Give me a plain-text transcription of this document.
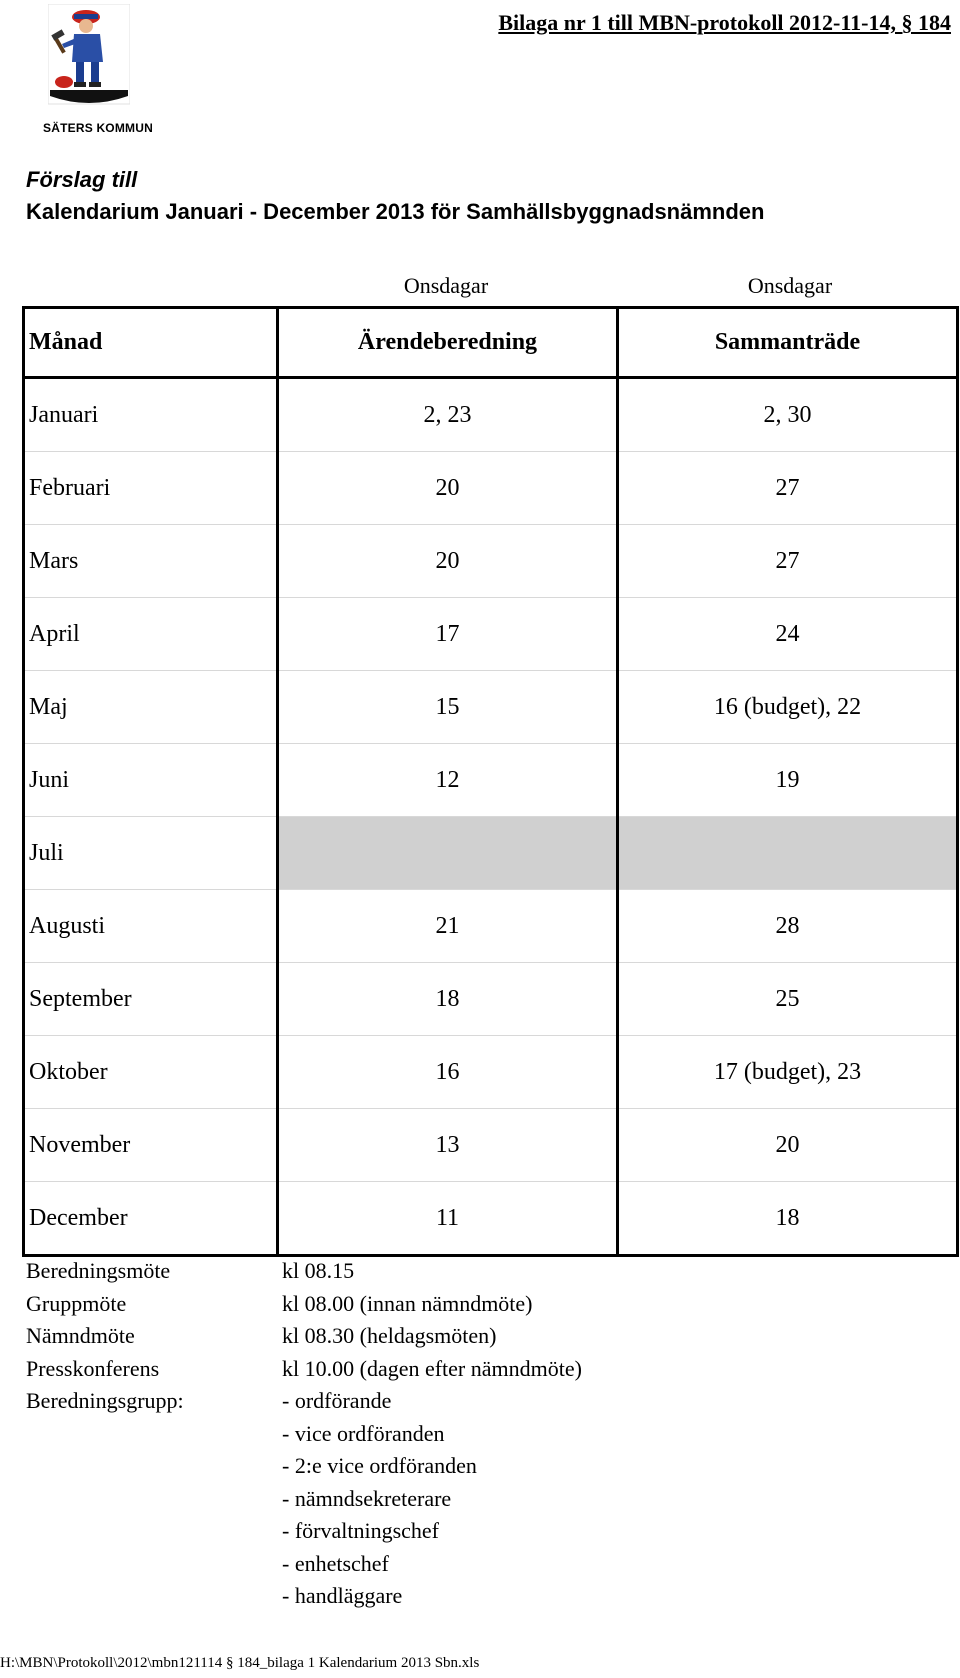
SÄTERS KOMMUN
Bilaga nr 1 till MBN-protokoll 2012-11-14, § 184
Förslag till
Kalendarium Januari - December 2013 för Samhällsbyggnadsnämnden
Onsdagar	Onsdagar
Månad	Ärendeberedning	Sammanträde
Januari	2, 23	2, 30
Februari	20	27
Mars	20	27
April	17	24
Maj	15	16 (budget), 22
Juni	12	19
Juli		
Augusti	21	28
September	18	25
Oktober	16	17 (budget), 23
November	13	20
December	11	18
Beredningsmöte	kl 08.15
Gruppmöte	kl 08.00 (innan nämndmöte)
Nämndmöte	kl 08.30 (heldagsmöten)
Presskonferens	kl 10.00 (dagen efter nämndmöte)
Beredningsgrupp:	- ordförande
- vice ordföranden
- 2:e vice ordföranden
- nämndsekreterare
- förvaltningschef
- enhetschef
- handläggare
H:\MBN\Protokoll\2012\mbn121114 § 184_bilaga 1 Kalendarium 2013 Sbn.xls
